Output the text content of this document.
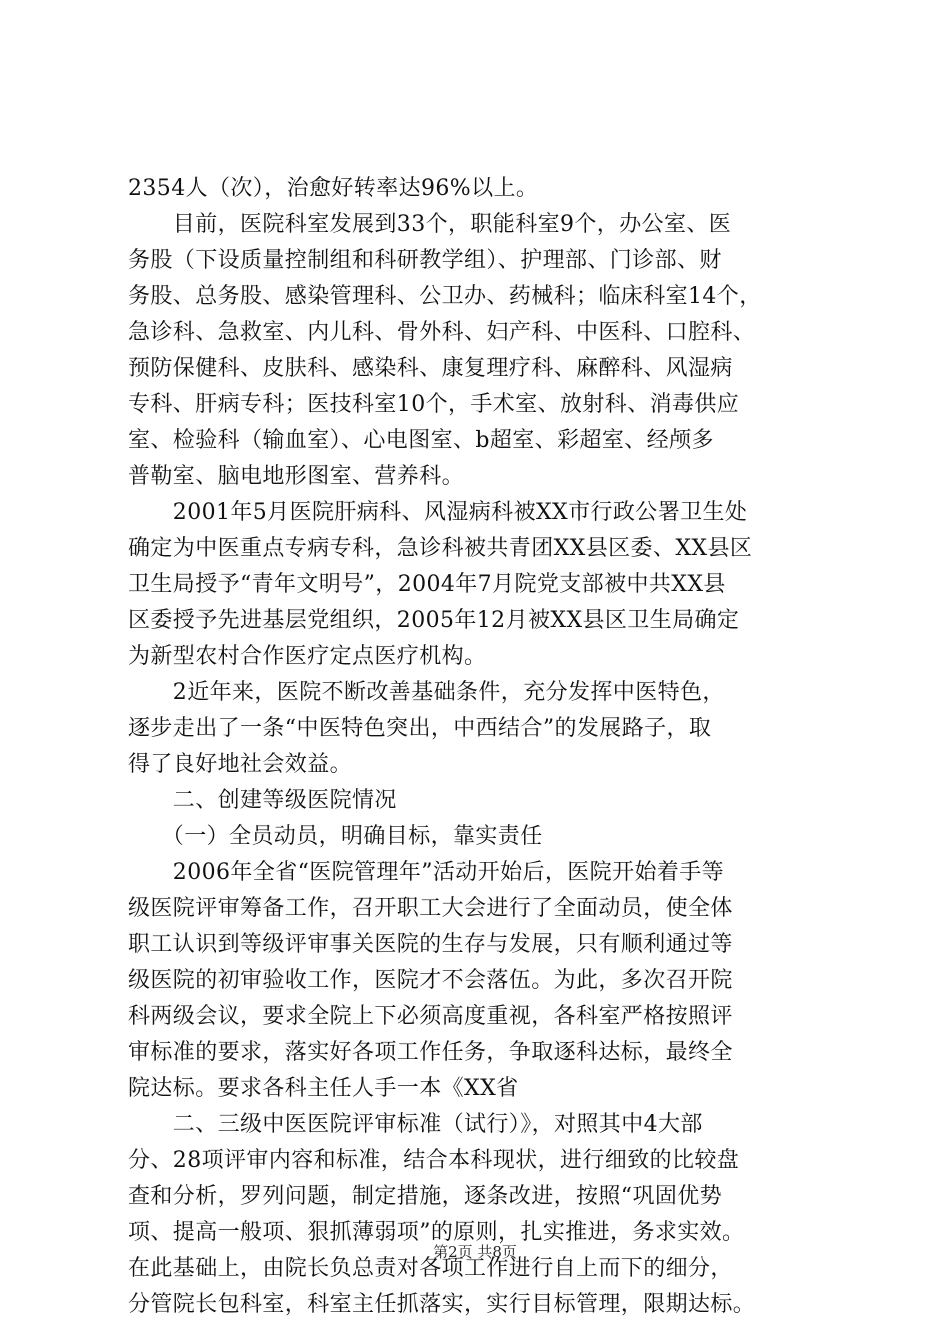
2354人（次），治愈好转率达96%以上。
　　目前，医院科室发展到33个，职能科室9个，办公室、医
务股（下设质量控制组和科研教学组）、护理部、门诊部、财
务股、总务股、感染管理科、公卫办、药械科；临床科室14个，
急诊科、急救室、内儿科、骨外科、妇产科、中医科、口腔科、
预防保健科、皮肤科、感染科、康复理疗科、麻醉科、风湿病
专科、肝病专科；医技科室10个，手术室、放射科、消毒供应
室、检验科（输血室）、心电图室、b超室、彩超室、经颅多
普勒室、脑电地形图室、营养科。
　　2001年5月医院肝病科、风湿病科被XX市行政公署卫生处
确定为中医重点专病专科，急诊科被共青团XX县区委、XX县区
卫生局授予“青年文明号”，2004年7月院党支部被中共XX县
区委授予先进基层党组织，2005年12月被XX县区卫生局确定
为新型农村合作医疗定点医疗机构。
　　2近年来，医院不断改善基础条件，充分发挥中医特色，
逐步走出了一条“中医特色突出，中西结合”的发展路子，取
得了良好地社会效益。
　　二、创建等级医院情况
　　（一）全员动员，明确目标，靠实责任
　　2006年全省“医院管理年”活动开始后，医院开始着手等
级医院评审筹备工作，召开职工大会进行了全面动员，使全体
职工认识到等级评审事关医院的生存与发展，只有顺利通过等
级医院的初审验收工作，医院才不会落伍。为此，多次召开院
科两级会议，要求全院上下必须高度重视，各科室严格按照评
审标准的要求，落实好各项工作任务，争取逐科达标，最终全
院达标。要求各科主任人手一本《XX省
　　二、三级中医医院评审标准（试行）》，对照其中4大部
分、28项评审内容和标准，结合本科现状，进行细致的比较盘
查和分析，罗列问题，制定措施，逐条改进，按照“巩固优势
项、提高一般项、狠抓薄弱项”的原则，扎实推进，务求实效。
在此基础上，由院长负总责对各项工作进行自上而下的细分，
分管院长包科室，科室主任抓落实，实行目标管理，限期达标。
第2页 共8页
